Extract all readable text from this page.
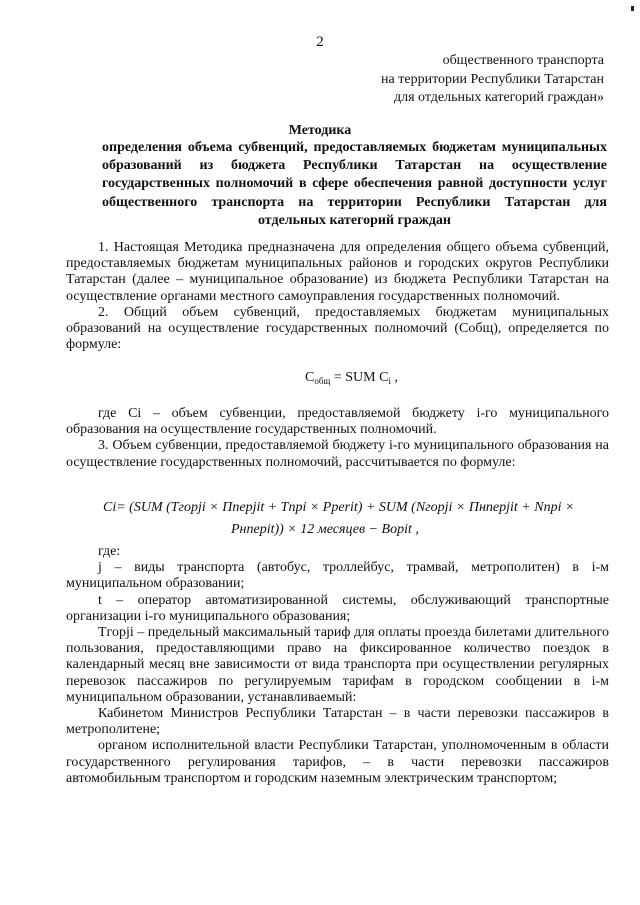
2
общественного транспорта
на территории Республики Татарстан
для отдельных категорий граждан»
Методика
определения объема субвенций, предоставляемых бюджетам муниципальных образований из бюджета Республики Татарстан на осуществление государственных полномочий в сфере обеспечения равной доступности услуг общественного транспорта на территории Республики Татарстан для отдельных категорий граждан

1. Настоящая Методика предназначена для определения общего объема субвенций, предоставляемых бюджетам муниципальных районов и городских округов Республики Татарстан (далее – муниципальное образование) из бюджета Республики Татарстан на осуществление органами местного самоуправления государственных полномочий.

2. Общий объем субвенций, предоставляемых бюджетам муниципальных образований на осуществление государственных полномочий (Собщ), определяется по формуле:

$C_{общ}$ = SUM $C_i$ ,

где Ci – объем субвенции, предоставляемой бюджету i-го муниципального образования на осуществление государственных полномочий.

3. Объем субвенции, предоставляемой бюджету i-го муниципального образования на осуществление государственных полномочий, рассчитывается по формуле:

Ci= (SUM (Tгорji × Пперjit + Tпрi × Pperit) + SUM (Nгорji × Пнперjit + Nпрi ×
Pнперit)) × 12 месяцев − Bорit ,

где:

j – виды транспорта (автобус, троллейбус, трамвай, метрополитен) в i-м муниципальном образовании;

t – оператор автоматизированной системы, обслуживающий транспортные организации i-го муниципального образования;

Tгорji – предельный максимальный тариф для оплаты проезда билетами длительного пользования, предоставляющими право на фиксированное количество поездок в календарный месяц вне зависимости от вида транспорта при осуществлении регулярных перевозок пассажиров по регулируемым тарифам в городском сообщении в i-м муниципальном образовании, устанавливаемый:

Кабинетом Министров Республики Татарстан – в части перевозки пассажиров в метрополитене;

органом исполнительной власти Республики Татарстан, уполномоченным в области государственного регулирования тарифов, – в части перевозки пассажиров автомобильным транспортом и городским наземным электрическим транспортом;
